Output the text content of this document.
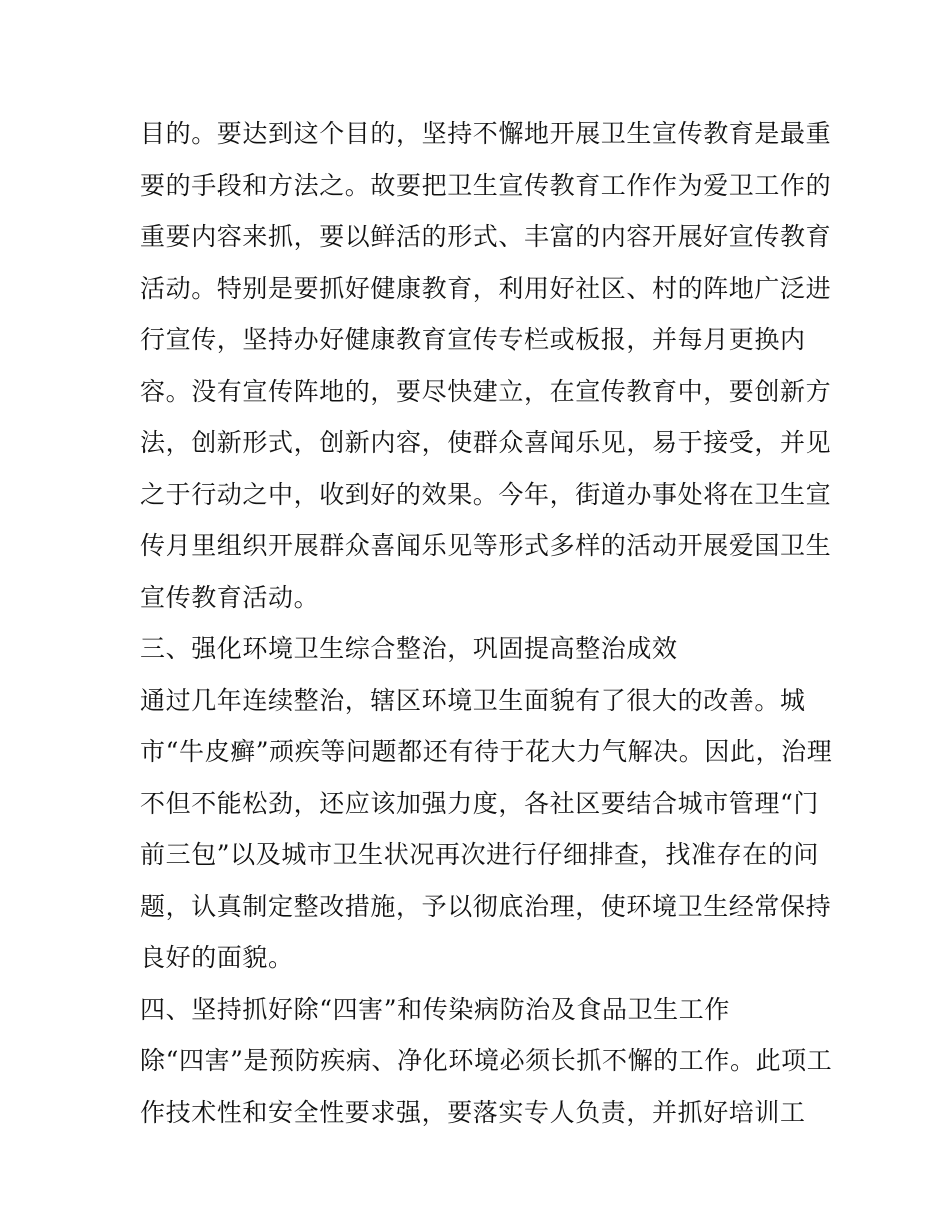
目的。要达到这个目的，坚持不懈地开展卫生宣传教育是最重
要的手段和方法之。故要把卫生宣传教育工作作为爱卫工作的
重要内容来抓，要以鲜活的形式、丰富的内容开展好宣传教育
活动。特别是要抓好健康教育，利用好社区、村的阵地广泛进
行宣传，坚持办好健康教育宣传专栏或板报，并每月更换内
容。没有宣传阵地的，要尽快建立，在宣传教育中，要创新方
法，创新形式，创新内容，使群众喜闻乐见，易于接受，并见
之于行动之中，收到好的效果。今年，街道办事处将在卫生宣
传月里组织开展群众喜闻乐见等形式多样的活动开展爱国卫生
宣传教育活动。
三、强化环境卫生综合整治，巩固提高整治成效
通过几年连续整治，辖区环境卫生面貌有了很大的改善。城
市“牛皮癣”顽疾等问题都还有待于花大力气解决。因此，治理
不但不能松劲，还应该加强力度，各社区要结合城市管理“门
前三包”以及城市卫生状况再次进行仔细排查，找准存在的问
题，认真制定整改措施，予以彻底治理，使环境卫生经常保持
良好的面貌。
四、坚持抓好除“四害”和传染病防治及食品卫生工作
除“四害”是预防疾病、净化环境必须长抓不懈的工作。此项工
作技术性和安全性要求强，要落实专人负责，并抓好培训工
